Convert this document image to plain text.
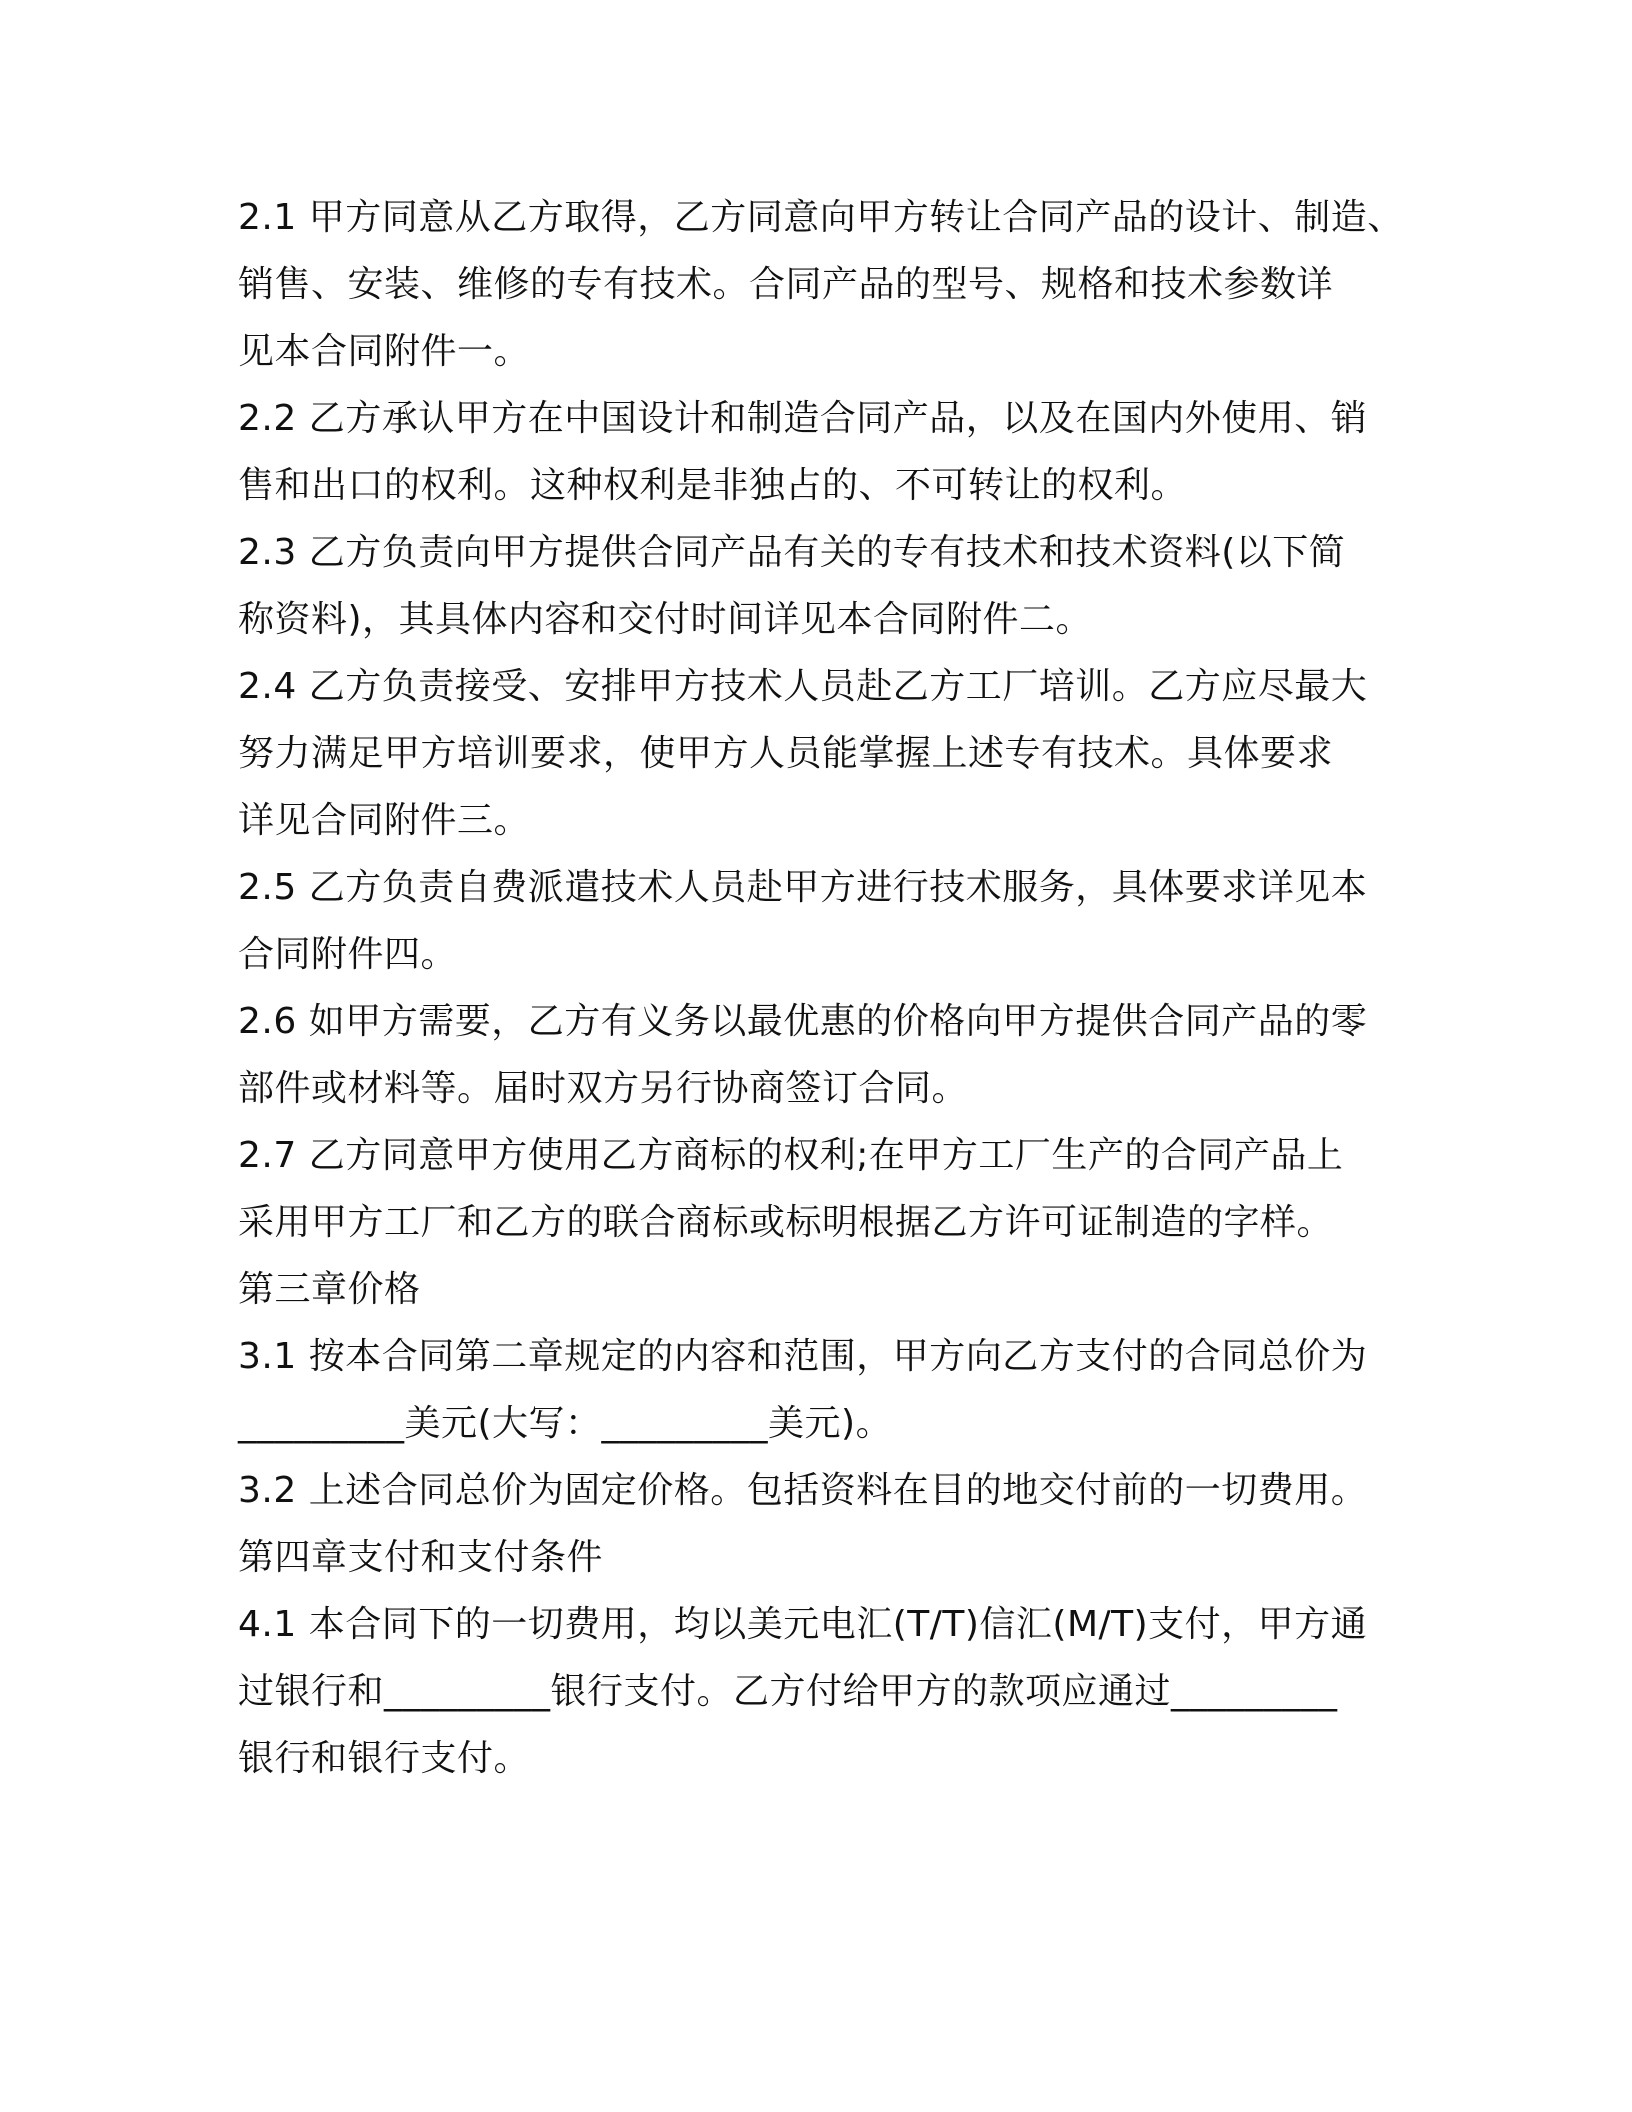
2.1 甲方同意从乙方取得，乙方同意向甲方转让合同产品的设计、制造、
销售、安装、维修的专有技术。合同产品的型号、规格和技术参数详
见本合同附件一。
2.2 乙方承认甲方在中国设计和制造合同产品，以及在国内外使用、销
售和出口的权利。这种权利是非独占的、不可转让的权利。
2.3 乙方负责向甲方提供合同产品有关的专有技术和技术资料(以下简
称资料)，其具体内容和交付时间详见本合同附件二。
2.4 乙方负责接受、安排甲方技术人员赴乙方工厂培训。乙方应尽最大
努力满足甲方培训要求，使甲方人员能掌握上述专有技术。具体要求
详见合同附件三。
2.5 乙方负责自费派遣技术人员赴甲方进行技术服务，具体要求详见本
合同附件四。
2.6 如甲方需要，乙方有义务以最优惠的价格向甲方提供合同产品的零
部件或材料等。届时双方另行协商签订合同。
2.7 乙方同意甲方使用乙方商标的权利;在甲方工厂生产的合同产品上
采用甲方工厂和乙方的联合商标或标明根据乙方许可证制造的字样。
第三章价格
3.1 按本合同第二章规定的内容和范围，甲方向乙方支付的合同总价为
_________美元(大写：_________美元)。
3.2 上述合同总价为固定价格。包括资料在目的地交付前的一切费用。
第四章支付和支付条件
4.1 本合同下的一切费用，均以美元电汇(T/T)信汇(M/T)支付，甲方通
过银行和_________银行支付。乙方付给甲方的款项应通过_________
银行和银行支付。
